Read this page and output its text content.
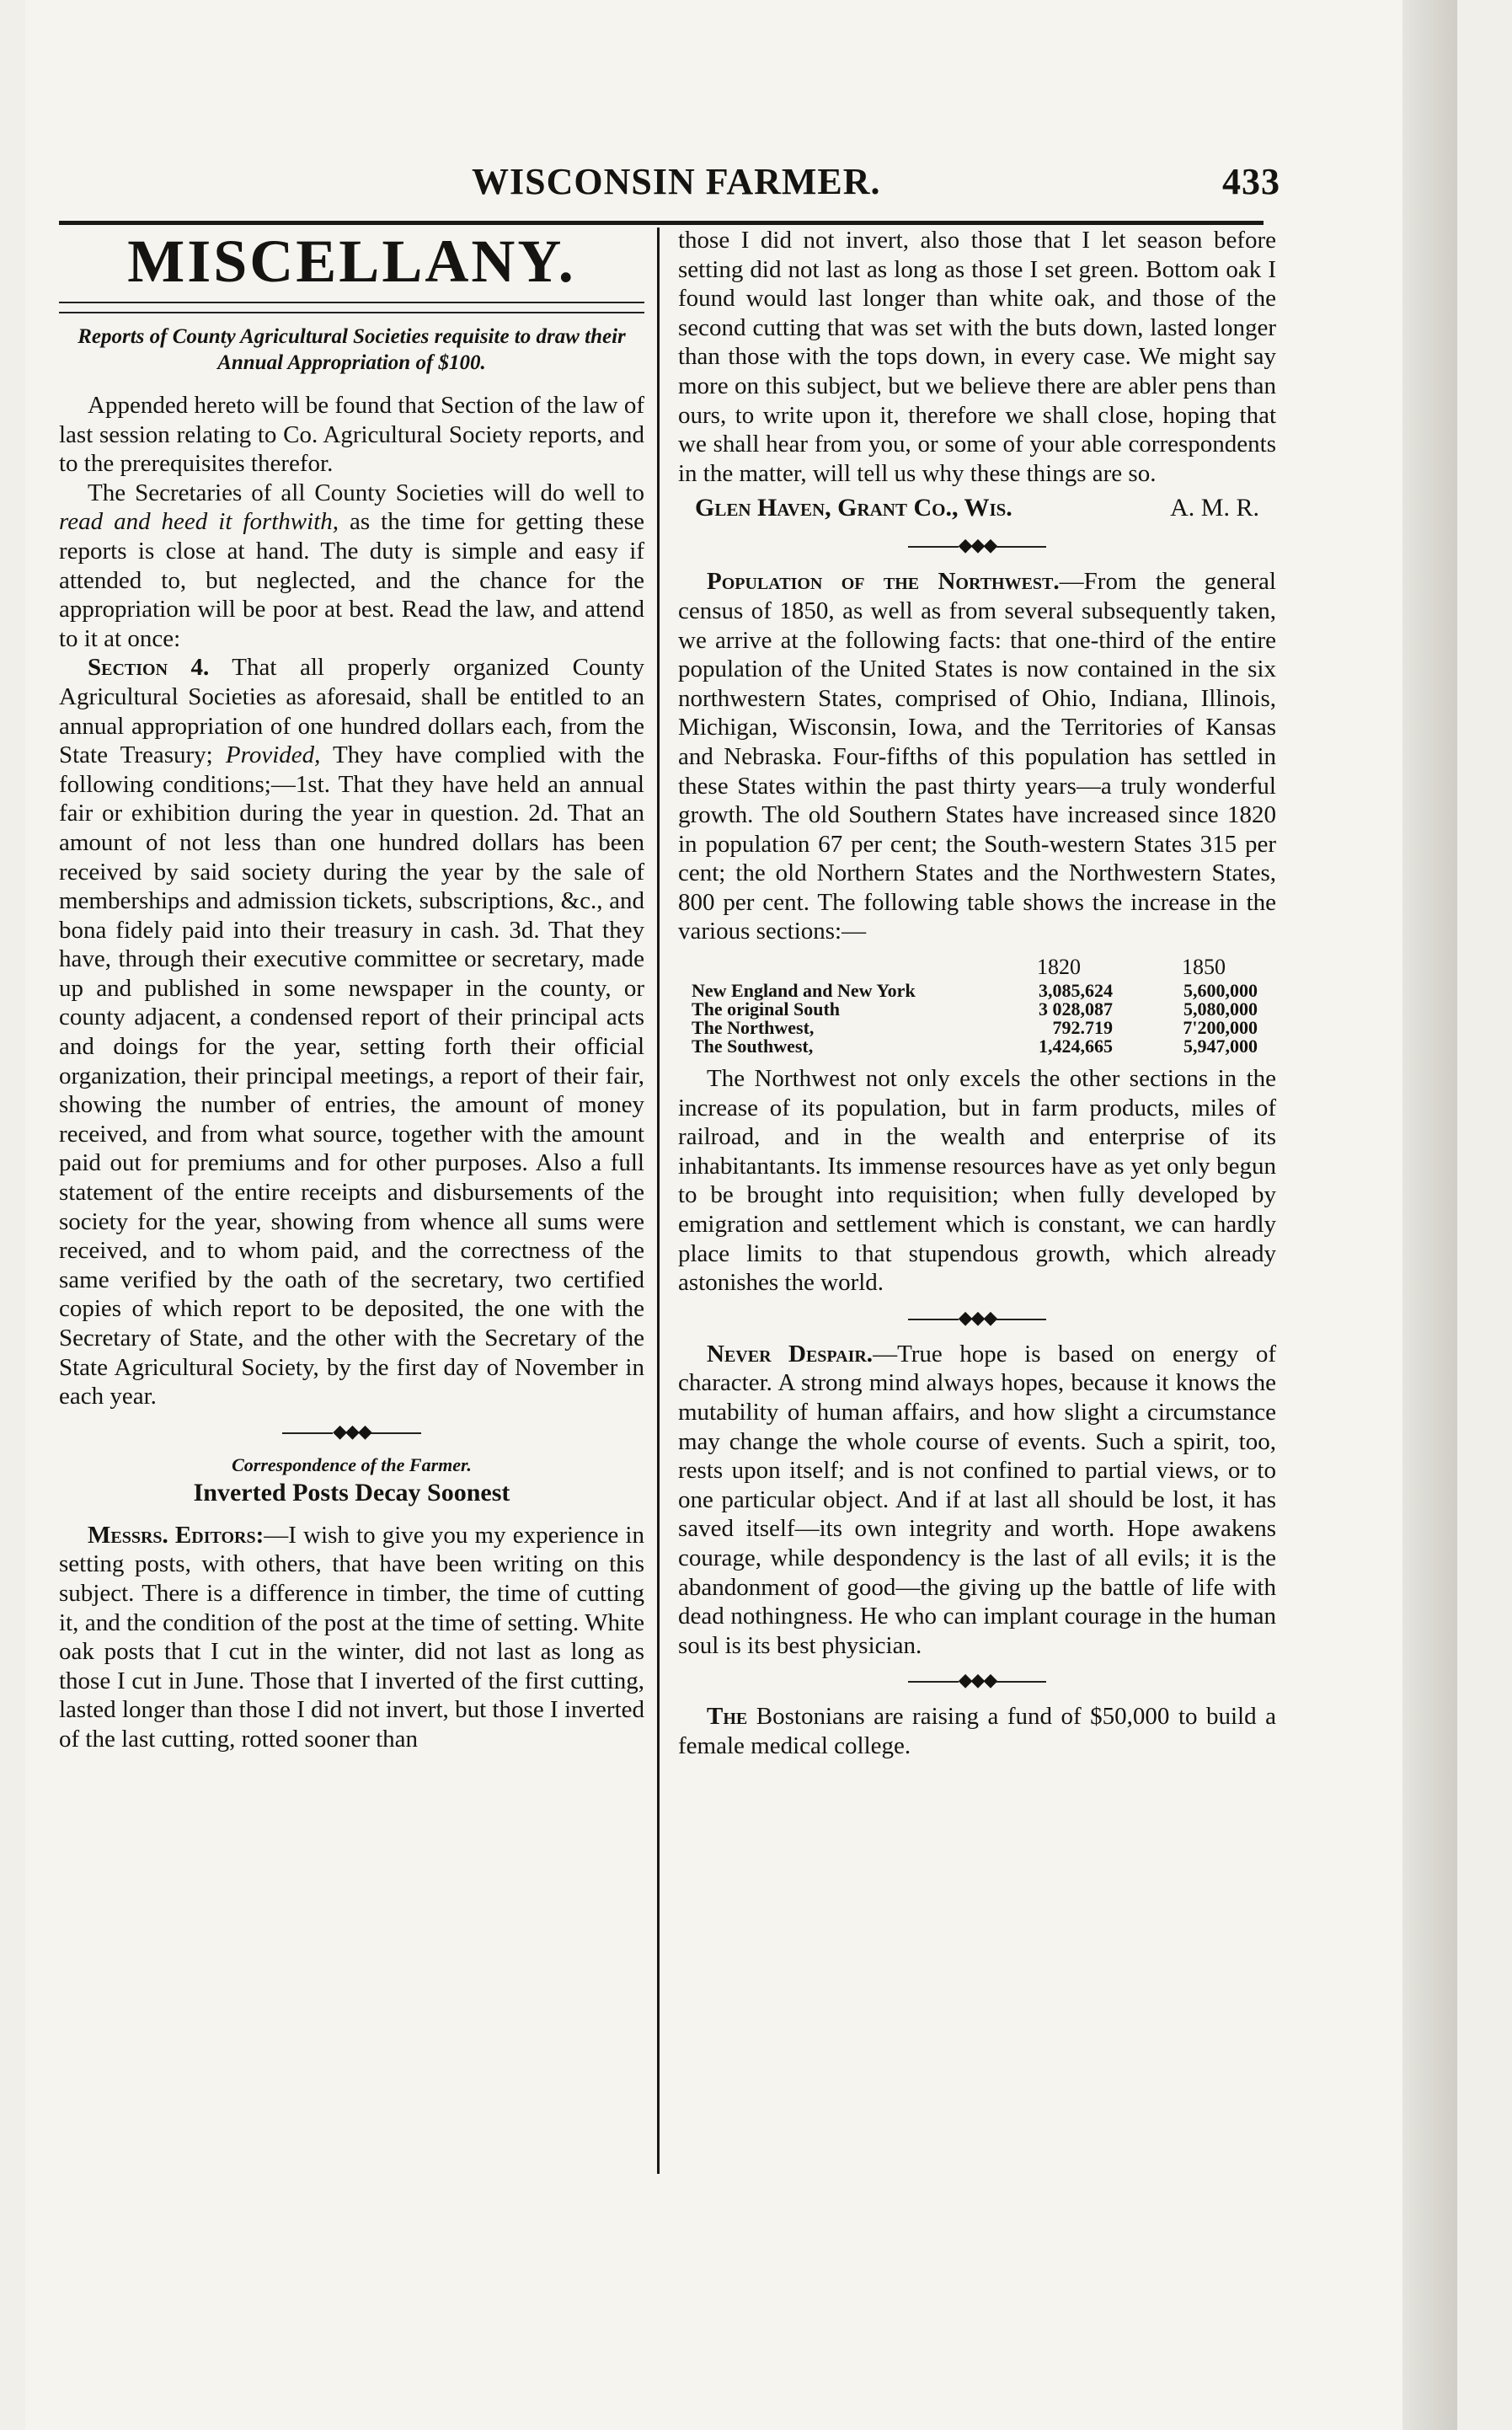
WISCONSIN FARMER.	433
MISCELLANY.
Reports of County Agricultural Societies requisite to draw their Annual Appropriation of $100.

Appended hereto will be found that Section of the law of last session relating to Co. Agricultural Society reports, and to the prerequisites therefor.

The Secretaries of all County Societies will do well to read and heed it forthwith, as the time for getting these reports is close at hand. The duty is simple and easy if attended to, but neglected, and the chance for the appropriation will be poor at best. Read the law, and attend to it at once:

Section 4. That all properly organized County Agricultural Societies as aforesaid, shall be entitled to an annual appropriation of one hundred dollars each, from the State Treasury; Provided, They have complied with the following conditions;—1st. That they have held an annual fair or exhibition during the year in question. 2d. That an amount of not less than one hundred dollars has been received by said society during the year by the sale of memberships and admission tickets, subscriptions, &c., and bona fidely paid into their treasury in cash. 3d. That they have, through their executive committee or secretary, made up and published in some newspaper in the county, or county adjacent, a condensed report of their principal acts and doings for the year, setting forth their official organization, their principal meetings, a report of their fair, showing the number of entries, the amount of money received, and from what source, together with the amount paid out for premiums and for other purposes. Also a full statement of the entire receipts and disbursements of the society for the year, showing from whence all sums were received, and to whom paid, and the correctness of the same verified by the oath of the secretary, two certified copies of which report to be deposited, the one with the Secretary of State, and the other with the Secretary of the State Agricultural Society, by the first day of November in each year.

◆◆◆
Correspondence of the Farmer.
Inverted Posts Decay Soonest

Messrs. Editors:—I wish to give you my experience in setting posts, with others, that have been writing on this subject. There is a difference in timber, the time of cutting it, and the condition of the post at the time of setting. White oak posts that I cut in the winter, did not last as long as those I cut in June. Those that I inverted of the first cutting, lasted longer than those I did not invert, but those I inverted of the last cutting, rotted sooner than

those I did not invert, also those that I let season before setting did not last as long as those I set green. Bottom oak I found would last longer than white oak, and those of the second cutting that was set with the buts down, lasted longer than those with the tops down, in every case. We might say more on this subject, but we believe there are abler pens than ours, to write upon it, therefore we shall close, hoping that we shall hear from you, or some of your able correspondents in the matter, will tell us why these things are so.

Glen Haven, Grant Co., Wis.	A. M. R.
◆◆◆

Population of the Northwest.—From the general census of 1850, as well as from several subsequently taken, we arrive at the following facts: that one-third of the entire population of the United States is now contained in the six northwestern States, comprised of Ohio, Indiana, Illinois, Michigan, Wisconsin, Iowa, and the Territories of Kansas and Nebraska. Four-fifths of this population has settled in these States within the past thirty years—a truly wonderful growth. The old Southern States have increased since 1820 in population 67 per cent; the South-western States 315 per cent; the old Northern States and the Northwestern States, 800 per cent. The following table shows the increase in the various sections:—

	1820	1850
New England and New York	3,085,624	5,600,000
The original South	3 028,087	5,080,000
The Northwest,	792.719	7'200,000
The Southwest,	1,424,665	5,947,000

The Northwest not only excels the other sections in the increase of its population, but in farm products, miles of railroad, and in the wealth and enterprise of its inhabitantants. Its immense resources have as yet only begun to be brought into requisition; when fully developed by emigration and settlement which is constant, we can hardly place limits to that stupendous growth, which already astonishes the world.

◆◆◆

Never Despair.—True hope is based on energy of character. A strong mind always hopes, because it knows the mutability of human affairs, and how slight a circumstance may change the whole course of events. Such a spirit, too, rests upon itself; and is not confined to partial views, or to one particular object. And if at last all should be lost, it has saved itself—its own integrity and worth. Hope awakens courage, while despondency is the last of all evils; it is the abandonment of good—the giving up the battle of life with dead nothingness. He who can implant courage in the human soul is its best physician.

◆◆◆

The Bostonians are raising a fund of $50,000 to build a female medical college.
